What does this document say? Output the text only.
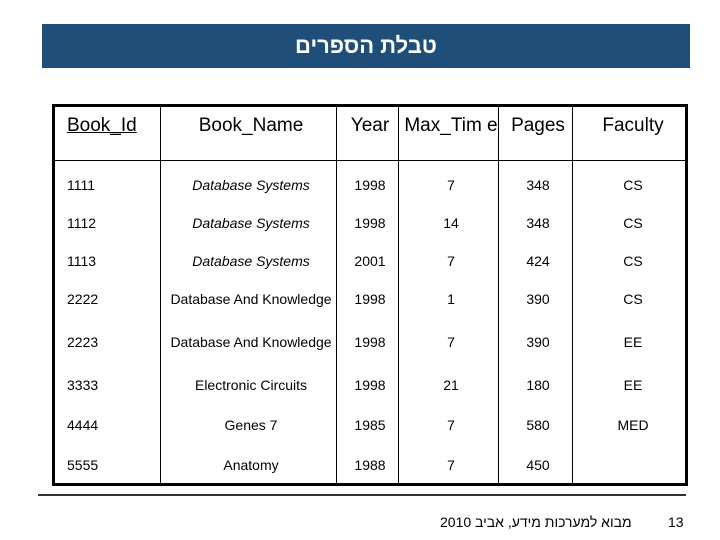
טבלת הספרים
Book_Id	Book_Name	Year	Max_Tim e	Pages	Faculty
1111	Database Systems	1998	7	348	CS
1112	Database Systems	1998	14	348	CS
1113	Database Systems	2001	7	424	CS
2222	Database And Knowledge	1998	1	390	CS
2223	Database And Knowledge	1998	7	390	EE
3333	Electronic Circuits	1998	21	180	EE
4444	Genes 7	1985	7	580	MED
5555	Anatomy	1988	7	450	
מבוא למערכות מידע, אביב 2010	13
